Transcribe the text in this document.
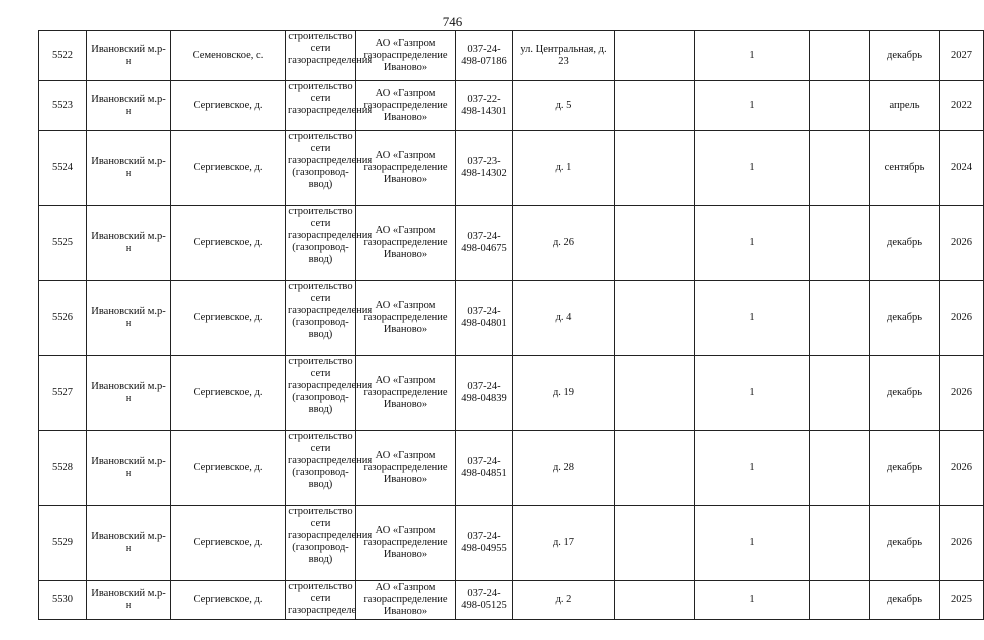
746
5522	Ивановский м.р-н	Семеновское, с.	строительство сети газораспределения	АО «Газпром газораспределение Иваново»	037-24-498-07186	ул. Центральная, д. 23		1		декабрь	2027
5523	Ивановский м.р-н	Сергиевское, д.	строительство сети газораспределения	АО «Газпром газораспределение Иваново»	037-22-498-14301	д. 5		1		апрель	2022
5524	Ивановский м.р-н	Сергиевское, д.	строительство сети газораспределения (газопровод-ввод)	АО «Газпром газораспределение Иваново»	037-23-498-14302	д. 1		1		сентябрь	2024
5525	Ивановский м.р-н	Сергиевское, д.	строительство сети газораспределения (газопровод-ввод)	АО «Газпром газораспределение Иваново»	037-24-498-04675	д. 26		1		декабрь	2026
5526	Ивановский м.р-н	Сергиевское, д.	строительство сети газораспределения (газопровод-ввод)	АО «Газпром газораспределение Иваново»	037-24-498-04801	д. 4		1		декабрь	2026
5527	Ивановский м.р-н	Сергиевское, д.	строительство сети газораспределения (газопровод-ввод)	АО «Газпром газораспределение Иваново»	037-24-498-04839	д. 19		1		декабрь	2026
5528	Ивановский м.р-н	Сергиевское, д.	строительство сети газораспределения (газопровод-ввод)	АО «Газпром газораспределение Иваново»	037-24-498-04851	д. 28		1		декабрь	2026
5529	Ивановский м.р-н	Сергиевское, д.	строительство сети газораспределения (газопровод-ввод)	АО «Газпром газораспределение Иваново»	037-24-498-04955	д. 17		1		декабрь	2026
5530	Ивановский м.р-н	Сергиевское, д.	строительство сети газораспределе	АО «Газпром газораспределение Иваново»	037-24-498-05125	д. 2		1		декабрь	2025
